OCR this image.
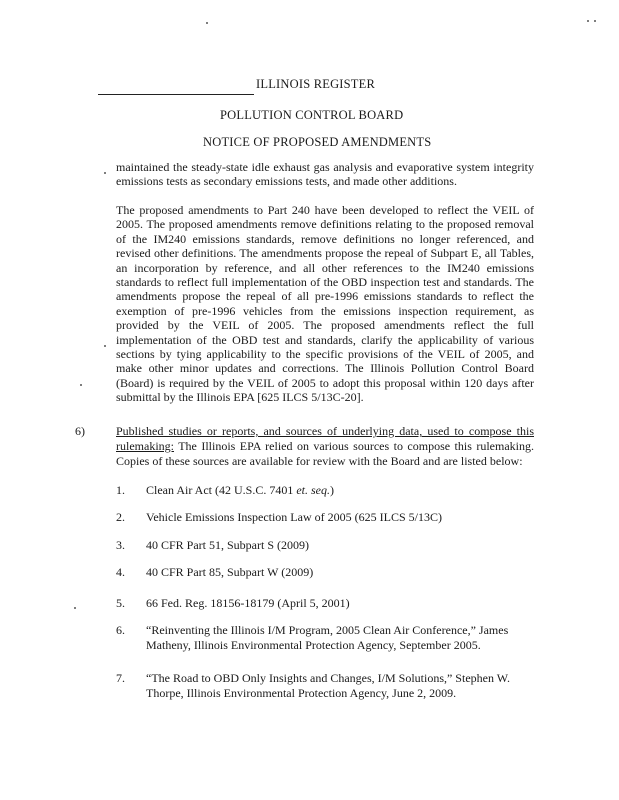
ILLINOIS REGISTER
POLLUTION CONTROL BOARD
NOTICE OF PROPOSED AMENDMENTS
maintained the steady-state idle exhaust gas analysis and evaporative system integrity emissions tests as secondary emissions tests, and made other additions.
The proposed amendments to Part 240 have been developed to reflect the VEIL of 2005. The proposed amendments remove definitions relating to the proposed removal of the IM240 emissions standards, remove definitions no longer referenced, and revised other definitions. The amendments propose the repeal of Subpart E, all Tables, an incorporation by reference, and all other references to the IM240 emissions standards to reflect full implementation of the OBD inspection test and standards. The amendments propose the repeal of all pre-1996 emissions standards to reflect the exemption of pre-1996 vehicles from the emissions inspection requirement, as provided by the VEIL of 2005. The proposed amendments reflect the full implementation of the OBD test and standards, clarify the applicability of various sections by tying applicability to the specific provisions of the VEIL of 2005, and make other minor updates and corrections. The Illinois Pollution Control Board (Board) is required by the VEIL of 2005 to adopt this proposal within 120 days after submittal by the Illinois EPA [625 ILCS 5/13C-20].
6)	Published studies or reports, and sources of underlying data, used to compose this rulemaking: The Illinois EPA relied on various sources to compose this rulemaking. Copies of these sources are available for review with the Board and are listed below:
1. Clean Air Act (42 U.S.C. 7401 et. seq.)
2. Vehicle Emissions Inspection Law of 2005 (625 ILCS 5/13C)
3. 40 CFR Part 51, Subpart S (2009)
4. 40 CFR Part 85, Subpart W (2009)
5. 66 Fed. Reg. 18156-18179 (April 5, 2001)
6. “Reinventing the Illinois I/M Program, 2005 Clean Air Conference,” James Matheny, Illinois Environmental Protection Agency, September 2005.
7. “The Road to OBD Only Insights and Changes, I/M Solutions,” Stephen W. Thorpe, Illinois Environmental Protection Agency, June 2, 2009.
